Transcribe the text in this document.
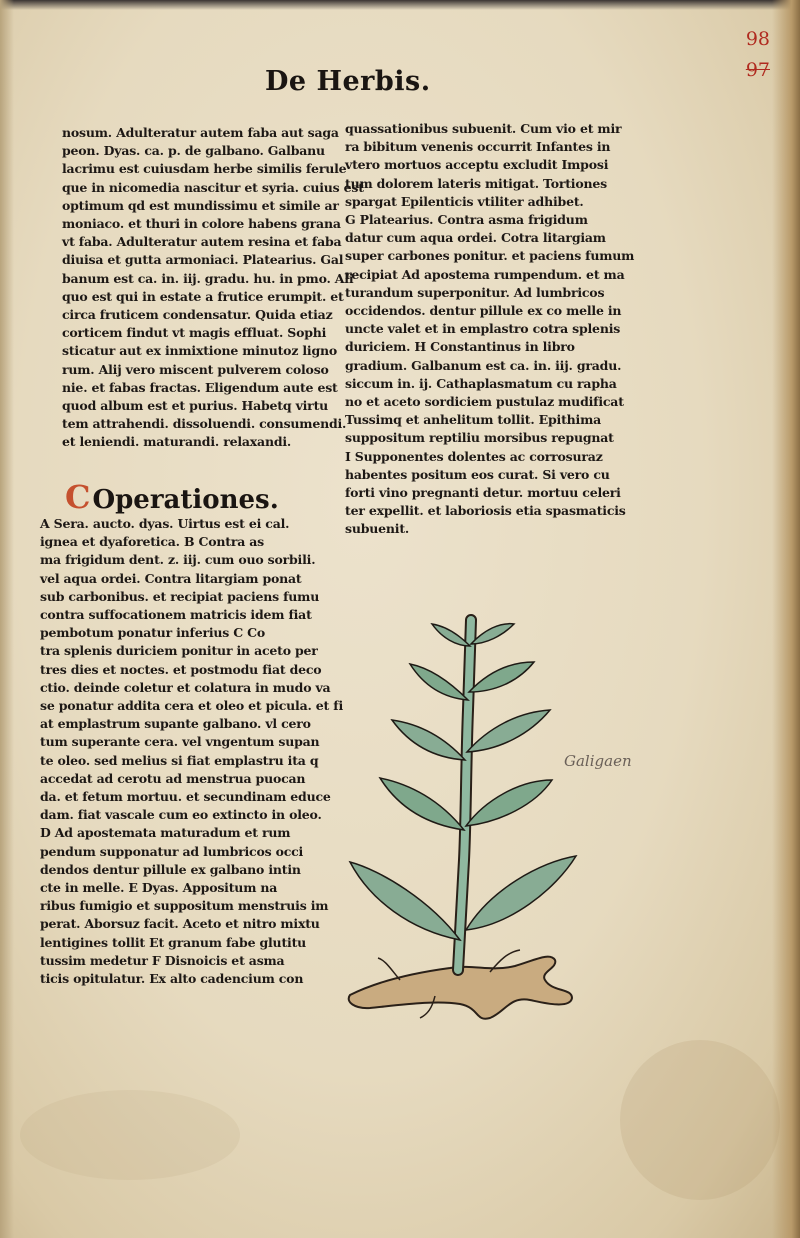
98
97
De Herbis.
nosum. Adulteratur autem faba aut saga
peon. Dyas. ca. p. de galbano. Galbanu
lacrimu est cuiusdam herbe similis ferule
que in nicomedia nascitur et syria. cuius est
optimum qd est mundissimu et simile ar
moniaco. et thuri in colore habens grana
vt faba. Adulteratur autem resina et faba
diuisa et gutta armoniaci. Platearius. Gal
banum est ca. in. iij. gradu. hu. in pmo. Ali
quo est qui in estate a frutice erumpit. et
circa fruticem condensatur. Quida etiaz
corticem findut vt magis effluat. Sophi
sticatur aut ex inmixtione minutoz ligno
rum. Alij vero miscent pulverem coloso
nie. et fabas fractas. Eligendum aute est
quod album est et purius. Habetq virtu
tem attrahendi. dissoluendi. consumendi.
et leniendi. maturandi. relaxandi.
COperationes.
A Sera. aucto. dyas. Uirtus est ei cal.
ignea et dyaforetica. B Contra as
ma frigidum dent. z. iij. cum ouo sorbili.
vel aqua ordei. Contra litargiam ponat
sub carbonibus. et recipiat paciens fumu
contra suffocationem matricis idem fiat
pembotum ponatur inferius C Co
tra splenis duriciem ponitur in aceto per
tres dies et noctes. et postmodu fiat deco
ctio. deinde coletur et colatura in mudo va
se ponatur addita cera et oleo et picula. et fi
at emplastrum supante galbano. vl cero
tum superante cera. vel vngentum supan
te oleo. sed melius si fiat emplastru ita q
accedat ad cerotu ad menstrua puocan
da. et fetum mortuu. et secundinam educe
dam. fiat vascale cum eo extincto in oleo.
D Ad apostemata maturadum et rum
pendum supponatur ad lumbricos occi
dendos dentur pillule ex galbano intin
cte in melle. E Dyas. Appositum na
ribus fumigio et suppositum menstruis im
perat. Aborsuz facit. Aceto et nitro mixtu
lentigines tollit Et granum fabe glutitu
tussim medetur F Disnoicis et asma
ticis opitulatur. Ex alto cadencium con
quassationibus subuenit. Cum vio et mir
ra bibitum venenis occurrit Infantes in
vtero mortuos acceptu excludit Imposi
tum dolorem lateris mitigat. Tortiones
spargat Epilenticis vtiliter adhibet.
G Platearius. Contra asma frigidum
datur cum aqua ordei. Cotra litargiam
super carbones ponitur. et paciens fumum
recipiat Ad apostema rumpendum. et ma
turandum superponitur. Ad lumbricos
occidendos. dentur pillule ex co melle in
uncte valet et in emplastro cotra splenis
duriciem. H Constantinus in libro
gradium. Galbanum est ca. in. iij. gradu.
siccum in. ij. Cathaplasmatum cu rapha
no et aceto sordiciem pustulaz mudificat
Tussimq et anhelitum tollit. Epithima
suppositum reptiliu morsibus repugnat
I Supponentes dolentes ac corrosuraz
habentes positum eos curat. Si vero cu
forti vino pregnanti detur. mortuu celeri
ter expellit. et laboriosis etia spasmaticis
subuenit.
Galigaen
